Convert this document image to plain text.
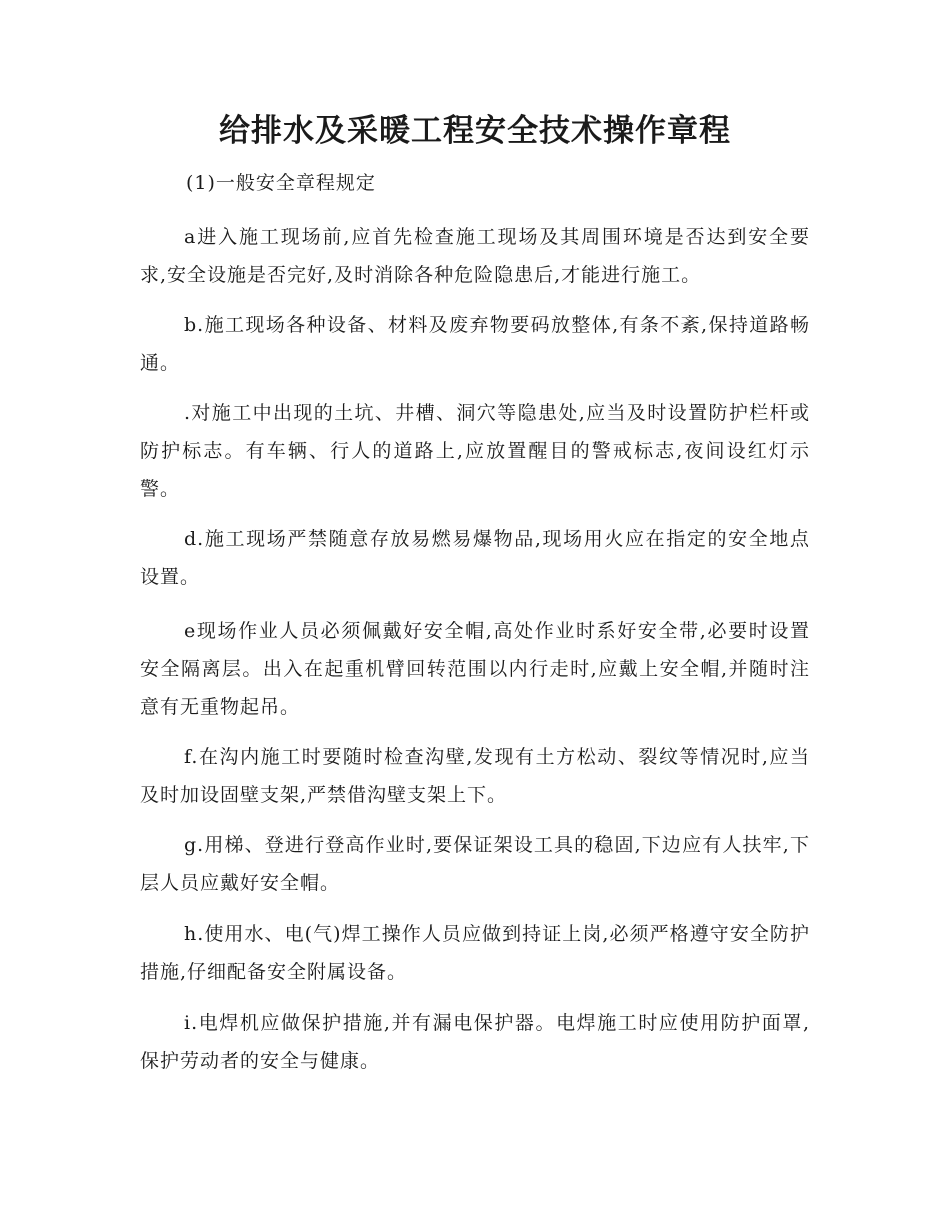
给排水及采暖工程安全技术操作章程

(1)一般安全章程规定

a进入施工现场前,应首先检查施工现场及其周围环境是否达到安全要求,安全设施是否完好,及时消除各种危险隐患后,才能进行施工。

b.施工现场各种设备、材料及废弃物要码放整体,有条不紊,保持道路畅通。

.对施工中出现的土坑、井槽、洞穴等隐患处,应当及时设置防护栏杆或防护标志。有车辆、行人的道路上,应放置醒目的警戒标志,夜间设红灯示警。

d.施工现场严禁随意存放易燃易爆物品,现场用火应在指定的安全地点设置。

e现场作业人员必须佩戴好安全帽,高处作业时系好安全带,必要时设置安全隔离层。出入在起重机臂回转范围以内行走时,应戴上安全帽,并随时注意有无重物起吊。

f.在沟内施工时要随时检查沟壁,发现有土方松动、裂纹等情况时,应当及时加设固壁支架,严禁借沟壁支架上下。

g.用梯、登进行登高作业时,要保证架设工具的稳固,下边应有人扶牢,下层人员应戴好安全帽。

h.使用水、电(气)焊工操作人员应做到持证上岗,必须严格遵守安全防护措施,仔细配备安全附属设备。

i.电焊机应做保护措施,并有漏电保护器。电焊施工时应使用防护面罩,保护劳动者的安全与健康。
